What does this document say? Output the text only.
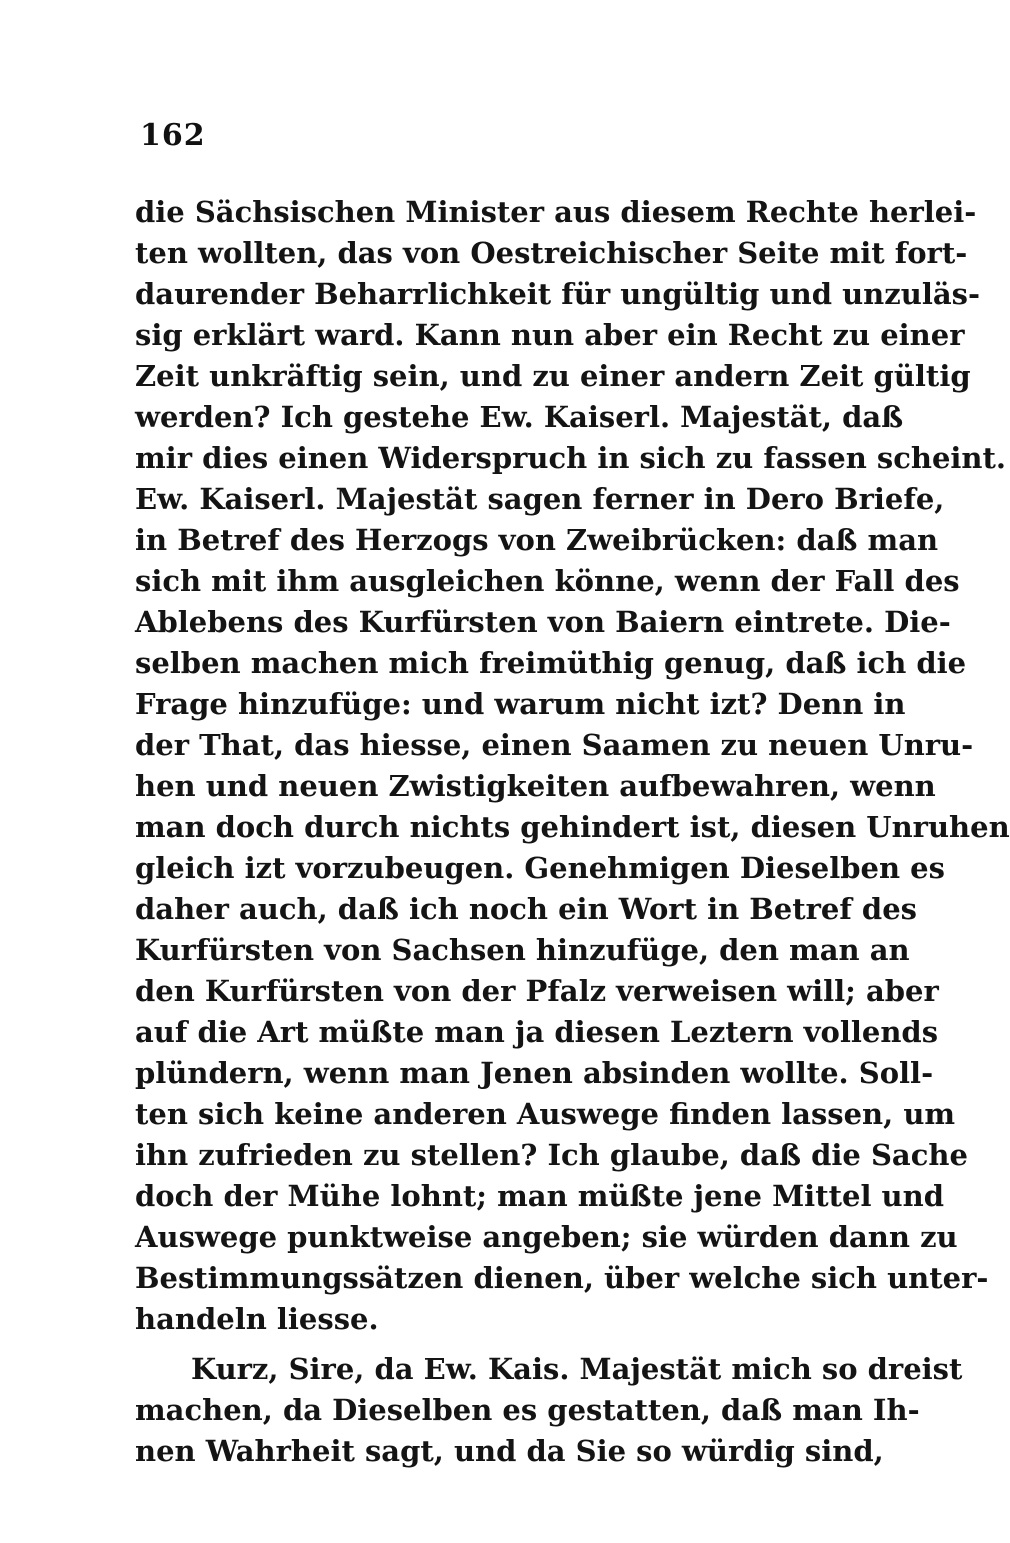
162
die Sächsischen Minister aus diesem Rechte herlei-
ten wollten, das von Oestreichischer Seite mit fort-
daurender Beharrlichkeit für ungültig und unzuläs-
sig erklärt ward. Kann nun aber ein Recht zu einer
Zeit unkräftig sein, und zu einer andern Zeit gültig
werden? Ich gestehe Ew. Kaiserl. Majestät, daß
mir dies einen Widerspruch in sich zu fassen scheint.
Ew. Kaiserl. Majestät sagen ferner in Dero Briefe,
in Betref des Herzogs von Zweibrücken: daß man
sich mit ihm ausgleichen könne, wenn der Fall des
Ablebens des Kurfürsten von Baiern eintrete. Die-
selben machen mich freimüthig genug, daß ich die
Frage hinzufüge: und warum nicht izt? Denn in
der That, das hiesse, einen Saamen zu neuen Unru-
hen und neuen Zwistigkeiten aufbewahren, wenn
man doch durch nichts gehindert ist, diesen Unruhen
gleich izt vorzubeugen. Genehmigen Dieselben es
daher auch, daß ich noch ein Wort in Betref des
Kurfürsten von Sachsen hinzufüge, den man an
den Kurfürsten von der Pfalz verweisen will; aber
auf die Art müßte man ja diesen Leztern vollends
plündern, wenn man Jenen absinden wollte. Soll-
ten sich keine anderen Auswege finden lassen, um
ihn zufrieden zu stellen? Ich glaube, daß die Sache
doch der Mühe lohnt; man müßte jene Mittel und
Auswege punktweise angeben; sie würden dann zu
Bestimmungssätzen dienen, über welche sich unter-
handeln liesse.
Kurz, Sire, da Ew. Kais. Majestät mich so dreist
machen, da Dieselben es gestatten, daß man Ih-
nen Wahrheit sagt, und da Sie so würdig sind,
